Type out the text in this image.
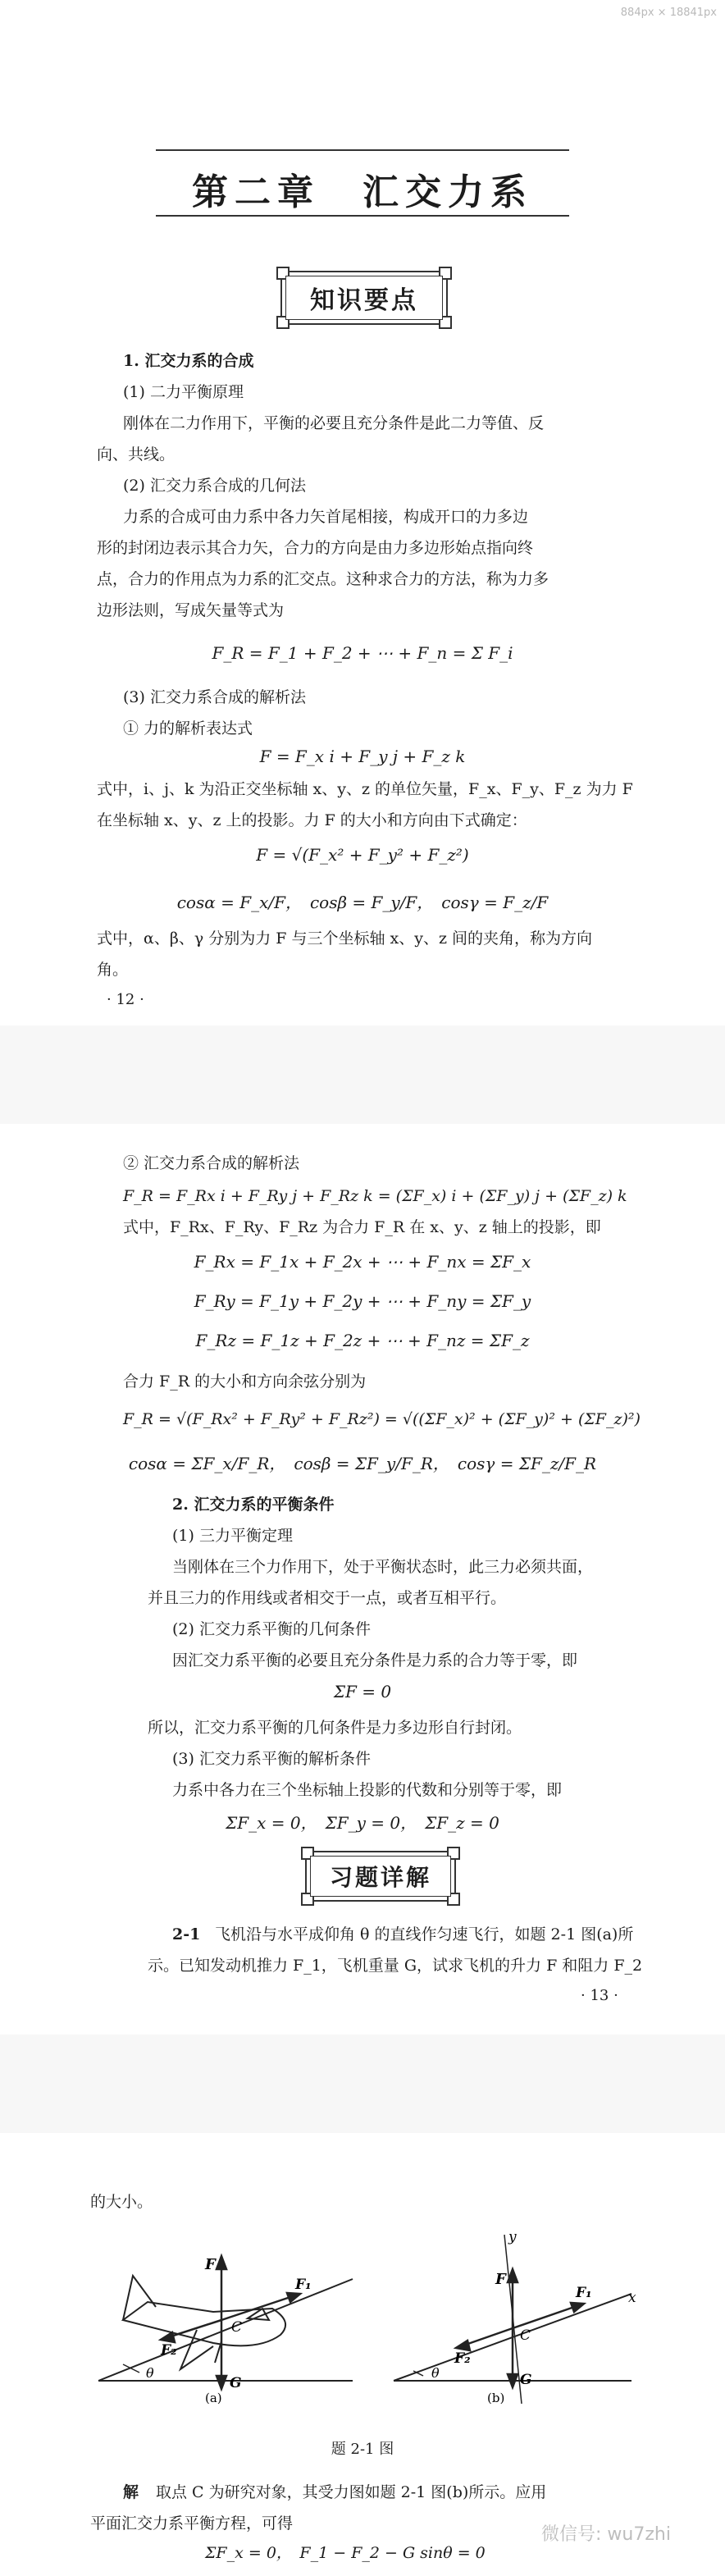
884px × 18841px
第二章　汇交力系
知识要点
1. 汇交力系的合成
(1) 二力平衡原理
刚体在二力作用下，平衡的必要且充分条件是此二力等值、反
向、共线。
(2) 汇交力系合成的几何法
力系的合成可由力系中各力矢首尾相接，构成开口的力多边
形的封闭边表示其合力矢，合力的方向是由力多边形始点指向终
点，合力的作用点为力系的汇交点。这种求合力的方法，称为力多
边形法则，写成矢量等式为
F_R = F_1 + F_2 + ⋯ + F_n = Σ F_i
(3) 汇交力系合成的解析法
① 力的解析表达式
F = F_x i + F_y j + F_z k
式中，i、j、k 为沿正交坐标轴 x、y、z 的单位矢量，F_x、F_y、F_z 为力 F
在坐标轴 x、y、z 上的投影。力 F 的大小和方向由下式确定：
F = √(F_x² + F_y² + F_z²)
cosα = F_x/F，　cosβ = F_y/F，　cosγ = F_z/F
式中，α、β、γ 分别为力 F 与三个坐标轴 x、y、z 间的夹角，称为方向
角。
· 12 ·
② 汇交力系合成的解析法
F_R = F_Rx i + F_Ry j + F_Rz k = (ΣF_x) i + (ΣF_y) j + (ΣF_z) k
式中，F_Rx、F_Ry、F_Rz 为合力 F_R 在 x、y、z 轴上的投影，即
F_Rx = F_1x + F_2x + ⋯ + F_nx = ΣF_x
F_Ry = F_1y + F_2y + ⋯ + F_ny = ΣF_y
F_Rz = F_1z + F_2z + ⋯ + F_nz = ΣF_z
合力 F_R 的大小和方向余弦分别为
F_R = √(F_Rx² + F_Ry² + F_Rz²) = √((ΣF_x)² + (ΣF_y)² + (ΣF_z)²)
cosα = ΣF_x/F_R，　cosβ = ΣF_y/F_R，　cosγ = ΣF_z/F_R
2. 汇交力系的平衡条件
(1) 三力平衡定理
当刚体在三个力作用下，处于平衡状态时，此三力必须共面，
并且三力的作用线或者相交于一点，或者互相平行。
(2) 汇交力系平衡的几何条件
因汇交力系平衡的必要且充分条件是力系的合力等于零，即
ΣF = 0
所以，汇交力系平衡的几何条件是力多边形自行封闭。
(3) 汇交力系平衡的解析条件
力系中各力在三个坐标轴上投影的代数和分别等于零，即
ΣF_x = 0，　ΣF_y = 0，　ΣF_z = 0
习题详解
2-1 飞机沿与水平成仰角 θ 的直线作匀速飞行，如题 2-1 图(a)所
示。已知发动机推力 F_1，飞机重量 G，试求飞机的升力 F 和阻力 F_2
· 13 ·
的大小。
F
F₁
F₂
G
C
θ
(a)
y
x
F
F₁
F₂
G
C
θ
(b)
题 2-1 图
解 取点 C 为研究对象，其受力图如题 2-1 图(b)所示。应用
平面汇交力系平衡方程，可得
ΣF_x = 0，　F_1 − F_2 − G sinθ = 0
微信号: wu7zhi
